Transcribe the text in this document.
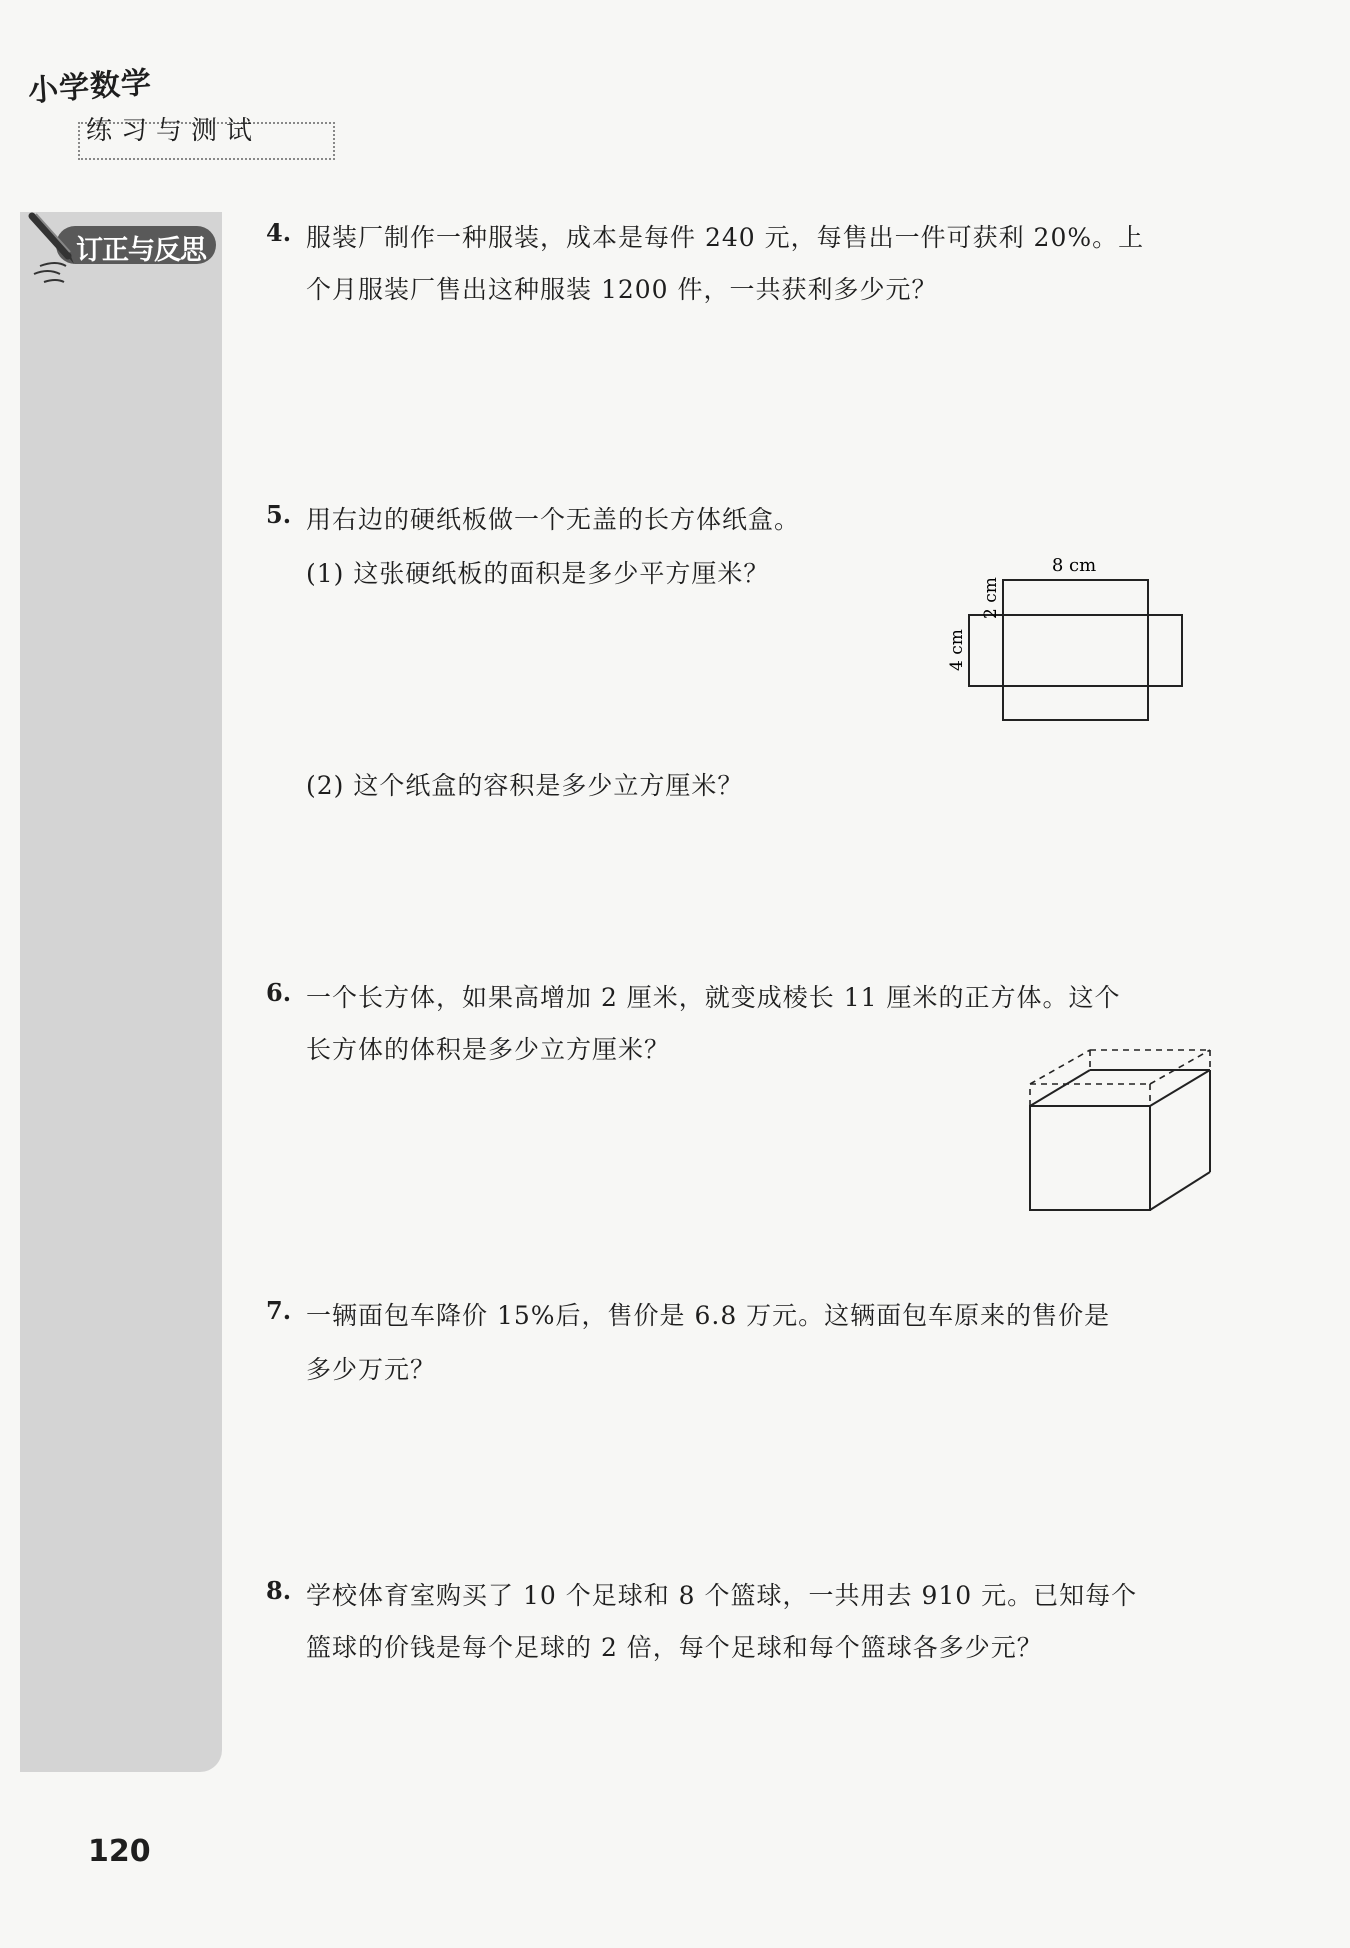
小学数学
练习与测试
订正与反思
4. 服装厂制作一种服装，成本是每件 240 元，每售出一件可获利 20%。上
个月服装厂售出这种服装 1200 件，一共获利多少元？
5. 用右边的硬纸板做一个无盖的长方体纸盒。
(1) 这张硬纸板的面积是多少平方厘米？
(2) 这个纸盒的容积是多少立方厘米？
8 cm
2 cm
4 cm
6. 一个长方体，如果高增加 2 厘米，就变成棱长 11 厘米的正方体。这个
长方体的体积是多少立方厘米？
7. 一辆面包车降价 15%后，售价是 6.8 万元。这辆面包车原来的售价是
多少万元？
8. 学校体育室购买了 10 个足球和 8 个篮球，一共用去 910 元。已知每个
篮球的价钱是每个足球的 2 倍，每个足球和每个篮球各多少元？
120
